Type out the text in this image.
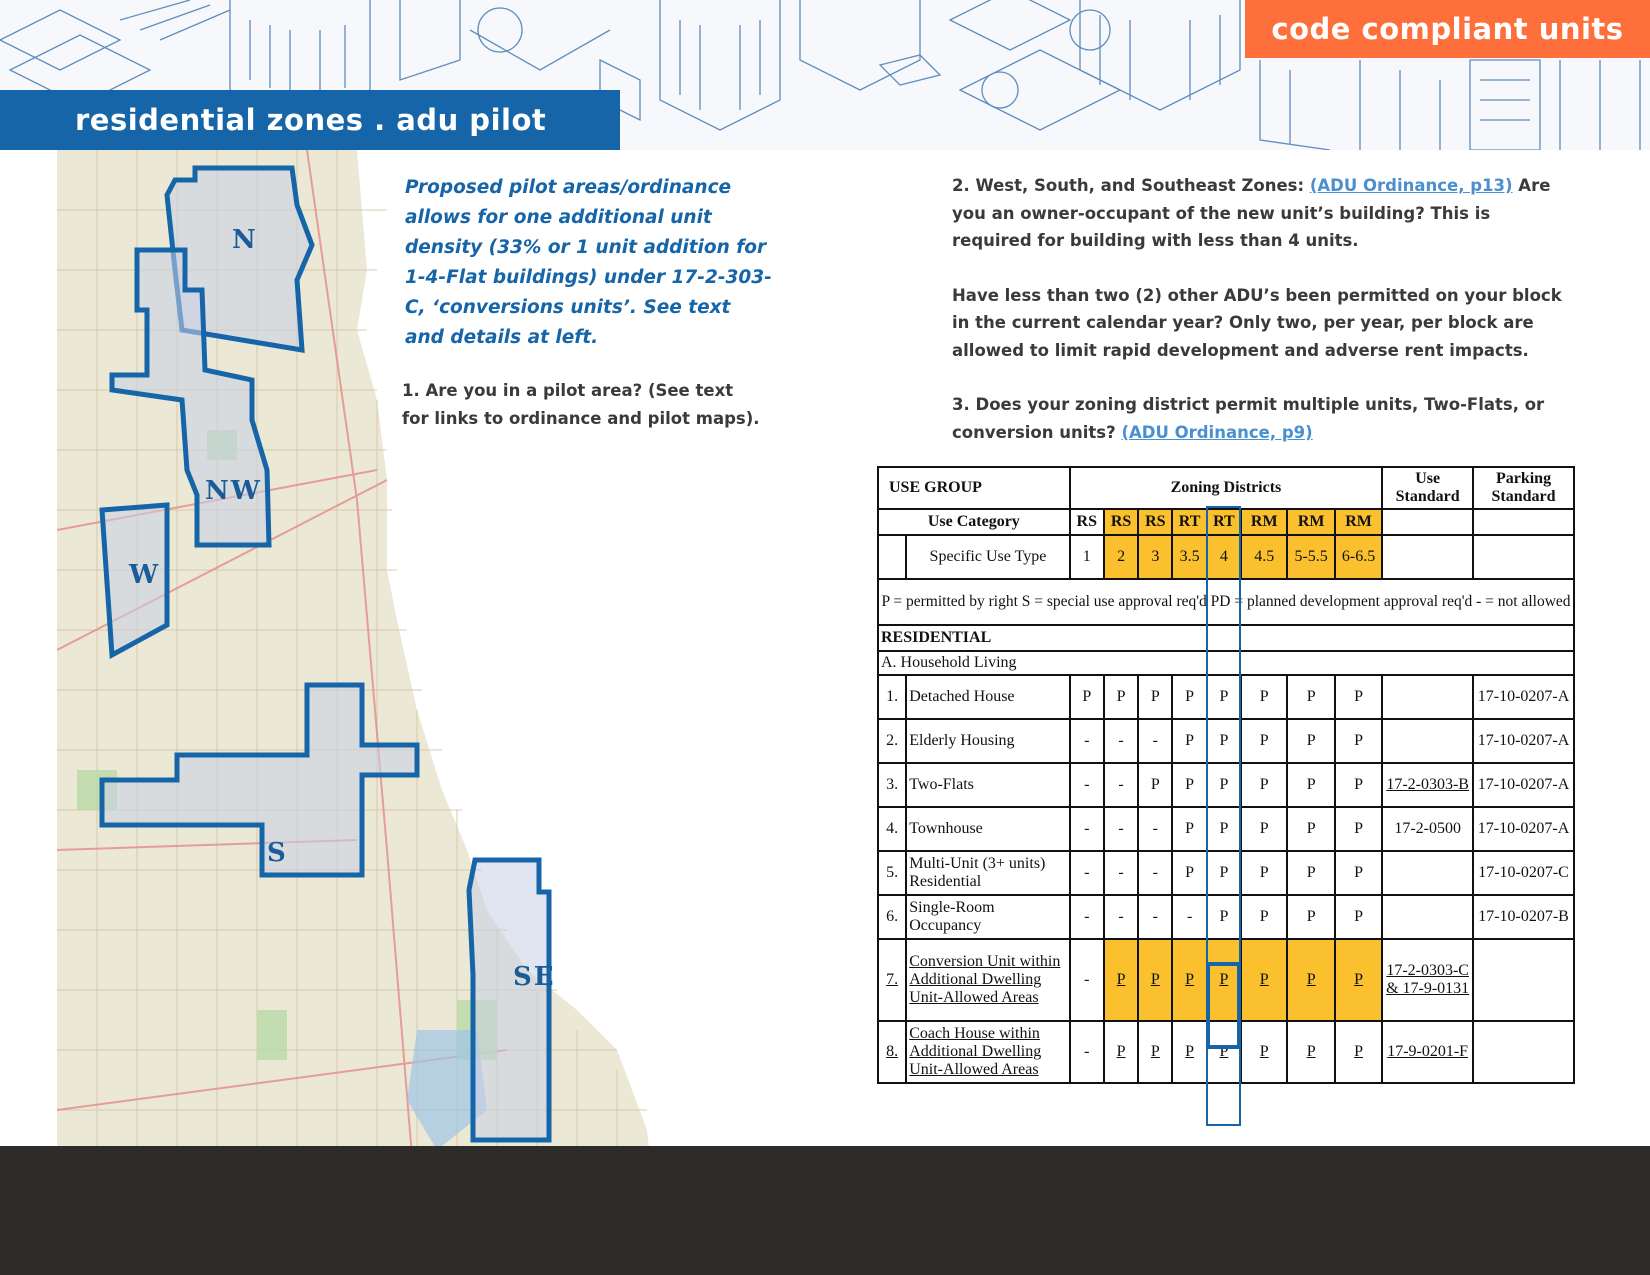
residential zones . adu pilot
code compliant units
N
NW
W
S
SE
Proposed pilot areas/ordinance allows for one additional unit density (33% or 1 unit addition for 1-4-Flat buildings) under 17-2-303-C, ‘conversions units’. See text and details at left.
1. Are you in a pilot area? (See text for links to ordinance and pilot maps).

2. West, South, and Southeast Zones: (ADU Ordinance, p13) Are you an owner-occupant of the new unit’s building? This is required for building with less than 4 units.

Have less than two (2) other ADU’s been permitted on your block in the current calendar year? Only two, per year, per block are allowed to limit rapid development and adverse rent impacts.

3. Does your zoning district permit multiple units, Two-Flats, or conversion units? (ADU Ordinance, p9)

USE GROUP		Zoning Districts								Use Standard	Parking Standard
Use Category		RS	RS	RS	RT	RT	RM	RM	RM		
	Specific Use Type	1	2	3	3.5	4	4.5	5-5.5	6-6.5		
P = permitted by right S = special use approval req'd PD = planned development approval req'd - = not allowed											
RESIDENTIAL											
A. Household Living											
1.	Detached House	P	P	P	P	P	P	P	P		17-10-0207-A
2.	Elderly Housing	-	-	-	P	P	P	P	P		17-10-0207-A
3.	Two-Flats	-	-	P	P	P	P	P	P	17-2-0303-B	17-10-0207-A
4.	Townhouse	-	-	-	P	P	P	P	P	17-2-0500	17-10-0207-A
5.	Multi-Unit (3+ units) Residential	-	-	-	P	P	P	P	P		17-10-0207-C
6.	Single-Room Occupancy	-	-	-	-	P	P	P	P		17-10-0207-B
7.	Conversion Unit within Additional Dwelling Unit-Allowed Areas	-	P	P	P	P	P	P	P	17-2-0303-C & 17-9-0131	
8.	Coach House within Additional Dwelling Unit-Allowed Areas	-	P	P	P	P	P	P	P	17-9-0201-F	
